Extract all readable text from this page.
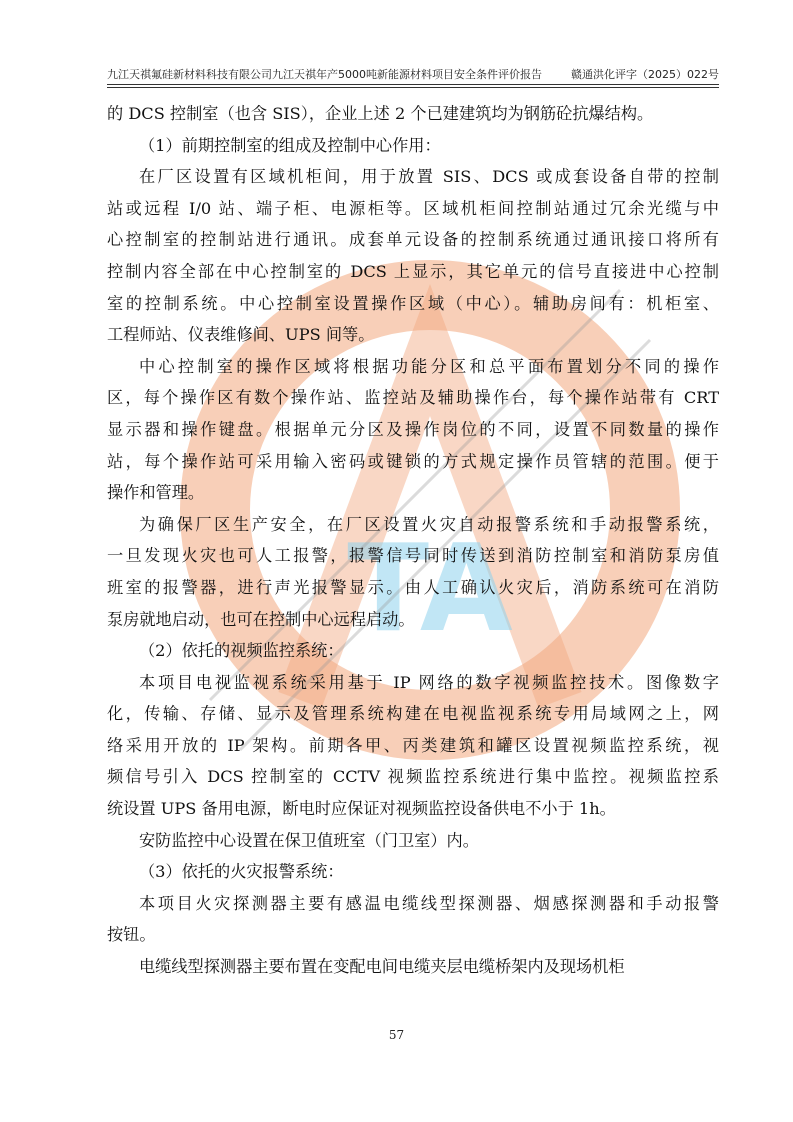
九江天祺氟硅新材料科技有限公司九江天祺年产5000吨新能源材料项目安全条件评价报告	赣通洪化评字（2025）022号
TA
的 DCS 控制室（也含 SIS），企业上述 2 个已建建筑均为钢筋砼抗爆结构。
（1）前期控制室的组成及控制中心作用：
在厂区设置有区域机柜间，用于放置 SIS、DCS 或成套设备自带的控制
站或远程 I/0 站、端子柜、电源柜等。区域机柜间控制站通过冗余光缆与中
心控制室的控制站进行通讯。成套单元设备的控制系统通过通讯接口将所有
控制内容全部在中心控制室的 DCS 上显示，其它单元的信号直接进中心控制
室的控制系统。中心控制室设置操作区域（中心）。辅助房间有：机柜室、
工程师站、仪表维修间、UPS 间等。
中心控制室的操作区域将根据功能分区和总平面布置划分不同的操作
区，每个操作区有数个操作站、监控站及辅助操作台，每个操作站带有 CRT
显示器和操作键盘。根据单元分区及操作岗位的不同，设置不同数量的操作
站，每个操作站可采用输入密码或键锁的方式规定操作员管辖的范围。便于
操作和管理。
为确保厂区生产安全，在厂区设置火灾自动报警系统和手动报警系统，
一旦发现火灾也可人工报警，报警信号同时传送到消防控制室和消防泵房值
班室的报警器，进行声光报警显示。由人工确认火灾后，消防系统可在消防
泵房就地启动，也可在控制中心远程启动。
（2）依托的视频监控系统：
本项目电视监视系统采用基于 IP 网络的数字视频监控技术。图像数字
化，传输、存储、显示及管理系统构建在电视监视系统专用局域网之上，网
络采用开放的 IP 架构。前期各甲、丙类建筑和罐区设置视频监控系统，视
频信号引入 DCS 控制室的 CCTV 视频监控系统进行集中监控。视频监控系
统设置 UPS 备用电源，断电时应保证对视频监控设备供电不小于 1h。
安防监控中心设置在保卫值班室（门卫室）内。
（3）依托的火灾报警系统：
本项目火灾探测器主要有感温电缆线型探测器、烟感探测器和手动报警
按钮。
电缆线型探测器主要布置在变配电间电缆夹层电缆桥架内及现场机柜
57
